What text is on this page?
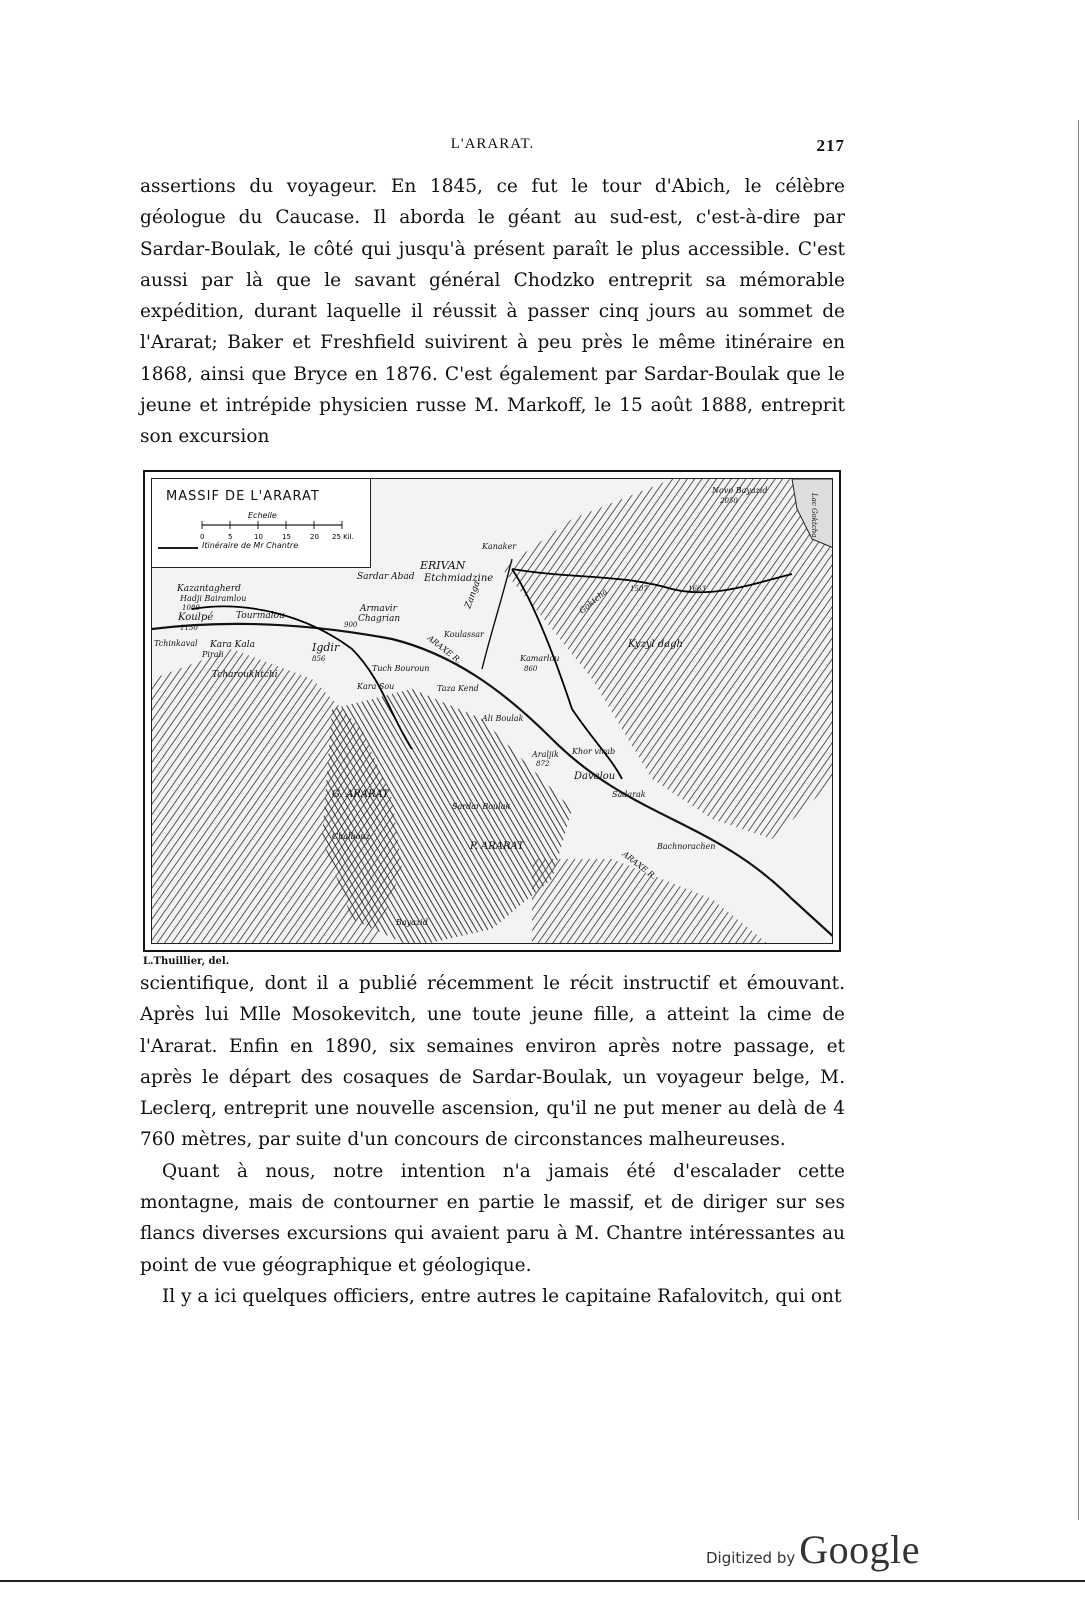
L'ARARAT.	217

assertions du voyageur. En 1845, ce fut le tour d'Abich, le célèbre géologue du Caucase. Il aborda le géant au sud-est, c'est-à-dire par Sardar-Boulak, le côté qui jusqu'à présent paraît le plus accessible. C'est aussi par là que le savant général Chodzko entreprit sa mémorable expédition, durant laquelle il réussit à passer cinq jours au sommet de l'Ararat; Baker et Freshfield suivirent à peu près le même itinéraire en 1868, ainsi que Bryce en 1876. C'est également par Sardar-Boulak que le jeune et intrépide physicien russe M. Markoff, le 15 août 1888, entreprit son excursion

ERIVAN
Etchmiadzine
Sardar Abad
Kanaker
Novo Bayazid
2050
Kazantagherd
Hadji Bairamlou
1080
Koulpé
1150
Tourmalou
Armavir
Chagrian
900
Tchinkaval Kara Kala
Pirali
Igdir
856
Tcharoukhtchi
Zanga
ARAXE R.
Koulassar
Kamarlou
860
Tuch Bouroun
Kara Sou	Taza Kend
Ali Boulak
Araljik
872
Khor virab
Davalou
Sadarak
Kyzyl dagh
G. ARARAT
P. ARARAT
Sardar Boulak
Chalbouz
Bayazid
Bachnorachen
ARAXE R.
Goktcha	1507	1663
Lac Goktcha
MASSIF DE L'ARARAT
Echelle
0	5	10	15	20 25 Kil.
Itinéraire de Mr Chantre
L.Thuillier, del.

scientifique, dont il a publié récemment le récit instructif et émouvant. Après lui Mlle Mosokevitch, une toute jeune fille, a atteint la cime de l'Ararat. Enfin en 1890, six semaines environ après notre passage, et après le départ des cosaques de Sardar-Boulak, un voyageur belge, M. Leclerq, entreprit une nouvelle ascension, qu'il ne put mener au delà de 4 760 mètres, par suite d'un concours de circonstances malheureuses.

Quant à nous, notre intention n'a jamais été d'escalader cette montagne, mais de contourner en partie le massif, et de diriger sur ses flancs diverses excursions qui avaient paru à M. Chantre intéressantes au point de vue géographique et géologique.

Il y a ici quelques officiers, entre autres le capitaine Rafalovitch, qui ont

Digitized by Google
